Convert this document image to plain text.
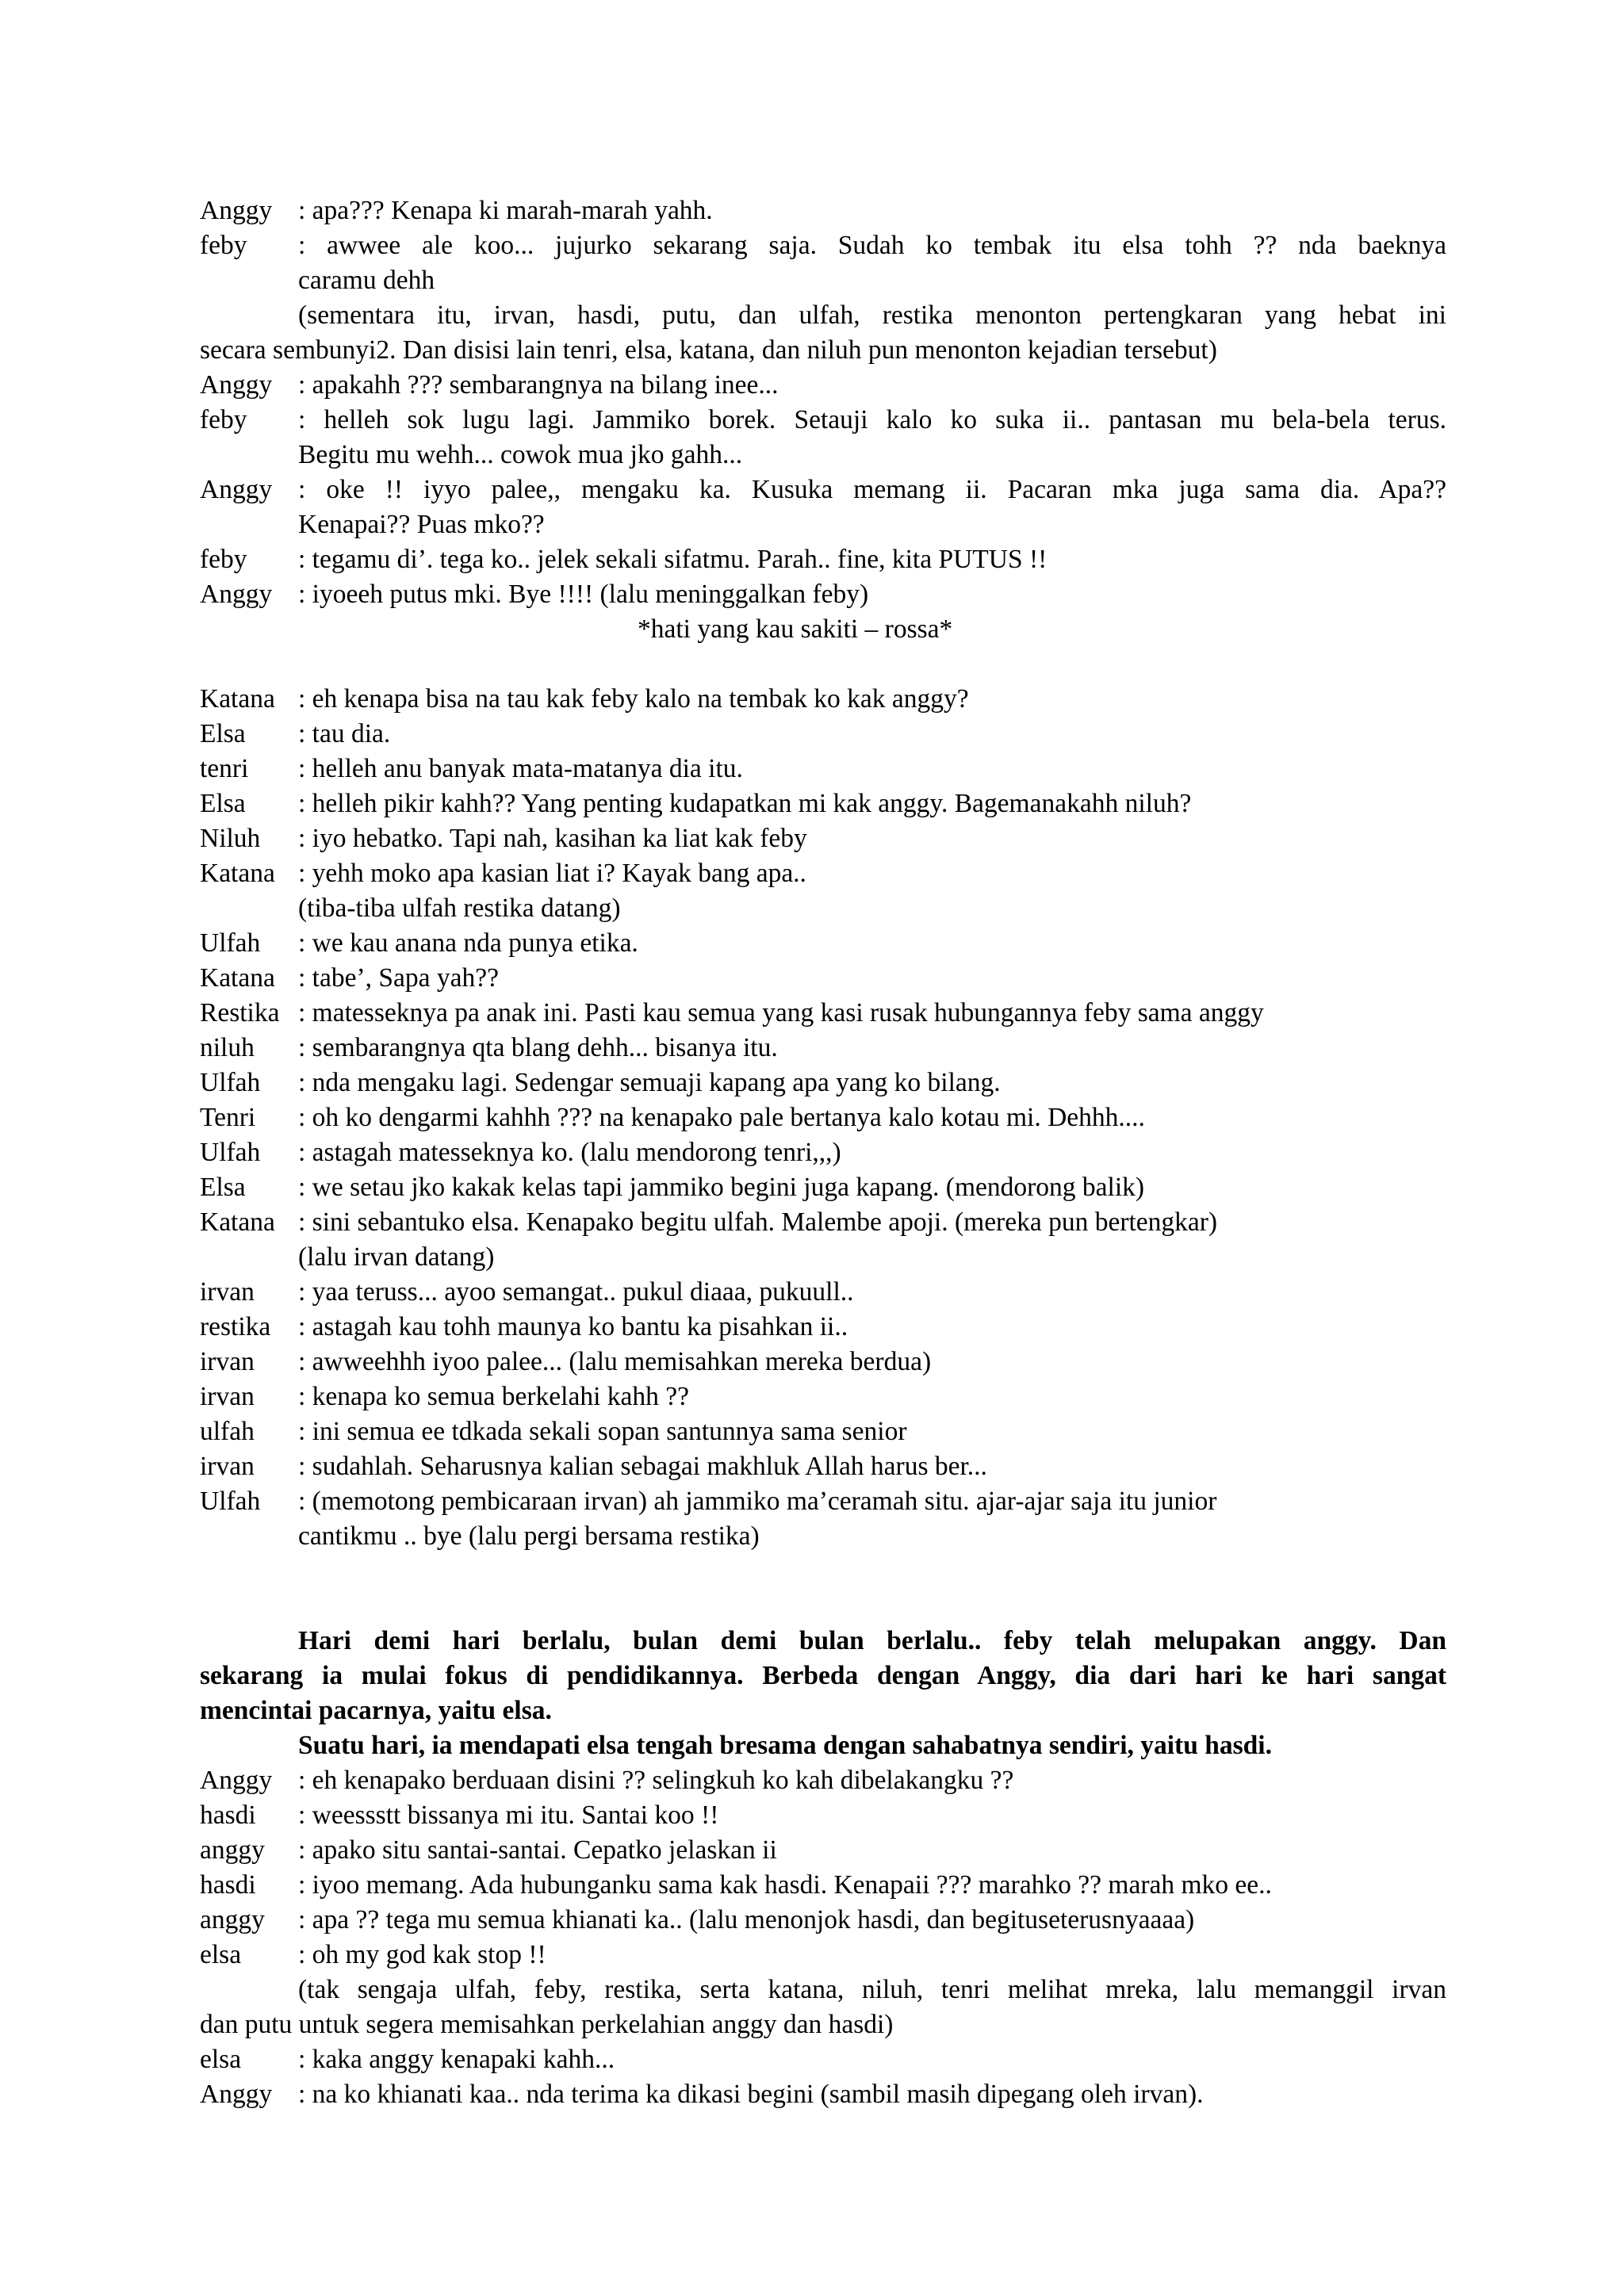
Anggy : apa??? Kenapa ki marah-marah yahh.
feby	: awwee ale koo... jujurko sekarang saja. Sudah ko tembak itu elsa tohh ?? nda baeknya
caramu dehh
(sementara itu, irvan, hasdi, putu, dan ulfah, restika menonton pertengkaran yang hebat ini
secara sembunyi2. Dan disisi lain tenri, elsa, katana, dan niluh pun menonton kejadian tersebut)
Anggy : apakahh ??? sembarangnya na bilang inee...
feby	: helleh sok lugu lagi. Jammiko borek. Setauji kalo ko suka ii.. pantasan mu bela-bela terus.
Begitu mu wehh... cowok mua jko gahh...
Anggy : oke !! iyyo palee,, mengaku ka. Kusuka memang ii. Pacaran mka juga sama dia. Apa??
Kenapai?? Puas mko??
feby	: tegamu di’. tega ko.. jelek sekali sifatmu. Parah.. fine, kita PUTUS !!
Anggy : iyoeeh putus mki. Bye !!!! (lalu meninggalkan feby)
*hati yang kau sakiti – rossa*
Katana : eh kenapa bisa na tau kak feby kalo na tembak ko kak anggy?
Elsa	: tau dia.
tenri	: helleh anu banyak mata-matanya dia itu.
Elsa	: helleh pikir kahh?? Yang penting kudapatkan mi kak anggy. Bagemanakahh niluh?
Niluh	: iyo hebatko. Tapi nah, kasihan ka liat kak feby
Katana : yehh moko apa kasian liat i? Kayak bang apa..
(tiba-tiba ulfah restika datang)
Ulfah	: we kau anana nda punya etika.
Katana : tabe’, Sapa yah??
Restika : matesseknya pa anak ini. Pasti kau semua yang kasi rusak hubungannya feby sama anggy
niluh	: sembarangnya qta blang dehh... bisanya itu.
Ulfah	: nda mengaku lagi. Sedengar semuaji kapang apa yang ko bilang.
Tenri	: oh ko dengarmi kahhh ??? na kenapako pale bertanya kalo kotau mi. Dehhh....
Ulfah	: astagah matesseknya ko. (lalu mendorong tenri,,,)
Elsa	: we setau jko kakak kelas tapi jammiko begini juga kapang. (mendorong balik)
Katana : sini sebantuko elsa. Kenapako begitu ulfah. Malembe apoji. (mereka pun bertengkar)
(lalu irvan datang)
irvan	: yaa teruss... ayoo semangat.. pukul diaaa, pukuull..
restika	: astagah kau tohh maunya ko bantu ka pisahkan ii..
irvan	: awweehhh iyoo palee... (lalu memisahkan mereka berdua)
irvan	: kenapa ko semua berkelahi kahh ??
ulfah	: ini semua ee tdkada sekali sopan santunnya sama senior
irvan	: sudahlah. Seharusnya kalian sebagai makhluk Allah harus ber...
Ulfah	: (memotong pembicaraan irvan) ah jammiko ma’ceramah situ. ajar-ajar saja itu junior
cantikmu .. bye (lalu pergi bersama restika)
Hari demi hari berlalu, bulan demi bulan berlalu.. feby telah melupakan anggy. Dan
sekarang ia mulai fokus di pendidikannya. Berbeda dengan Anggy, dia dari hari ke hari sangat
mencintai pacarnya, yaitu elsa.
Suatu hari, ia mendapati elsa tengah bresama dengan sahabatnya sendiri, yaitu hasdi.
Anggy : eh kenapako berduaan disini ?? selingkuh ko kah dibelakangku ??
hasdi	: weessstt bissanya mi itu. Santai koo !!
anggy	: apako situ santai-santai. Cepatko jelaskan ii
hasdi	: iyoo memang. Ada hubunganku sama kak hasdi. Kenapaii ??? marahko ?? marah mko ee..
anggy	: apa ?? tega mu semua khianati ka.. (lalu menonjok hasdi, dan begituseterusnyaaaa)
elsa	: oh my god kak stop !!
(tak sengaja ulfah, feby, restika, serta katana, niluh, tenri melihat mreka, lalu memanggil irvan
dan putu untuk segera memisahkan perkelahian anggy dan hasdi)
elsa	: kaka anggy kenapaki kahh...
Anggy : na ko khianati kaa.. nda terima ka dikasi begini (sambil masih dipegang oleh irvan).
